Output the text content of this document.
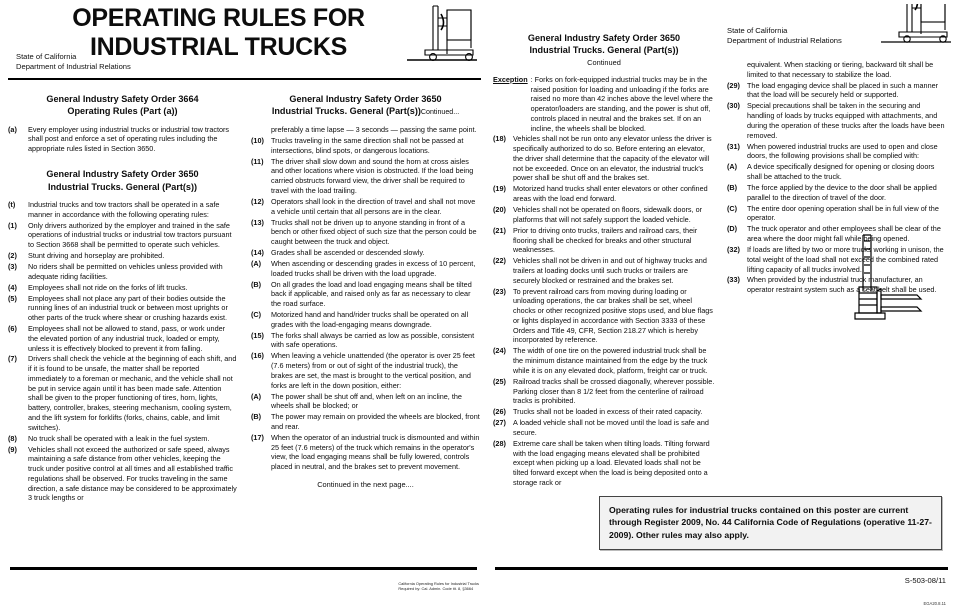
OPERATING RULES FOR
INDUSTRIAL TRUCKS
State of California
Department of Industrial Relations
General Industry Safety Order 3664
Operating Rules (Part (a))
(a)	Every employer using industrial trucks or industrial tow tractors shall post and enforce a set of operating rules including the appropriate rules listed in Section 3650.
General Industry Safety Order 3650
Industrial Trucks. General (Part(s))
(t)	Industrial trucks and tow tractors shall be operated in a safe manner in accordance with the following operating rules:
(1)	Only drivers authorized by the employer and trained in the safe operations of industrial trucks or industrial tow tractors pursuant to Section 3668 shall be permitted to operate such vehicles.
(2)	Stunt driving and horseplay are prohibited.
(3)	No riders shall be permitted on vehicles unless provided with adequate riding facilities.
(4)	Employees shall not ride on the forks of lift trucks.
(5)	Employees shall not place any part of their bodies outside the running lines of an industrial truck or between most uprights or other parts of the truck where shear or crushing hazards exist.
(6)	Employees shall not be allowed to stand, pass, or work under the elevated portion of any industrial truck, loaded or empty, unless it is effectively blocked to prevent it from falling.
(7)	Drivers shall check the vehicle at the beginning of each shift, and if it is found to be unsafe, the matter shall be reported immediately to a foreman or mechanic, and the vehicle shall not be put in service again until it has been made safe. Attention shall be given to the proper functioning of tires, horn, lights, battery, controller, brakes, steering mechanism, cooling system, and the lift system for forklifts (forks, chains, cable, and limit switches).
(8)	No truck shall be operated with a leak in the fuel system.
(9)	Vehicles shall not exceed the authorized or safe speed, always maintaining a safe distance from other vehicles, keeping the truck under positive control at all times and all established traffic regulations shall be observed. For trucks traveling in the same direction, a safe distance may be considered to be approximately 3 truck lengths or
General Industry Safety Order 3650
Industrial Trucks. General (Part(s))Continued...
preferably a time lapse — 3 seconds — passing the same point.
(10) Trucks traveling in the same direction shall not be passed at intersections, blind spots, or dangerous locations.
(11)	The driver shall slow down and sound the horn at cross aisles and other locations where vision is obstructed. If the load being carried obstructs forward view, the driver shall be required to travel with the load trailing.
(12) Operators shall look in the direction of travel and shall not move a vehicle until certain that all persons are in the clear.
(13) Trucks shall not be driven up to anyone standing in front of a bench or other fixed object of such size that the person could be caught between the truck and object.
(14) Grades shall be ascended or descended slowly.
(A)	When ascending or descending grades in excess of 10 percent, loaded trucks shall be driven with the load upgrade.
(B)	On all grades the load and load engaging means shall be tilted back if applicable, and raised only as far as necessary to clear the road surface.
(C)	Motorized hand and hand/rider trucks shall be operated on all grades with the load-engaging means downgrade.
(15) The forks shall always be carried as low as possible, consistent with safe operations.
(16) When leaving a vehicle unattended (the operator is over 25 feet (7.6 meters) from or out of sight of the industrial truck), the brakes are set, the mast is brought to the vertical position, and forks are left in the down position, either:
(A)	The power shall be shut off and, when left on an incline, the wheels shall be blocked; or
(B)	The power may remain on provided the wheels are blocked, front and rear.
(17) When the operator of an industrial truck is dismounted and within 25 feet (7.6 meters) of the truck which remains in the operator's view, the load engaging means shall be fully lowered, controls placed in neutral, and the brakes set to prevent movement.
Continued in the next page....
California Operating Rules for Industrial Trucks
Required by: Cal. Admin. Code tit. 8, §3664
General Industry Safety Order 3650
Industrial Trucks. General (Part(s))
Continued
Exception : Forks on fork-equipped industrial trucks may be in the raised position for loading and unloading if the forks are raised no more than 42 inches above the level where the operator/loaders are standing, and the power is shut off, controls placed in neutral and the brakes set. If on an incline, the wheels shall be blocked.
(18) Vehicles shall not be run onto any elevator unless the driver is specifically authorized to do so. Before entering an elevator, the driver shall determine that the capacity of the elevator will not be exceeded. Once on an elevator, the industrial truck's power shall be shut off and the brakes set.
(19) Motorized hand trucks shall enter elevators or other confined areas with the load end forward.
(20) Vehicles shall not be operated on floors, sidewalk doors, or platforms that will not safely support the loaded vehicle.
(21) Prior to driving onto trucks, trailers and railroad cars, their flooring shall be checked for breaks and other structural weaknesses.
(22) Vehicles shall not be driven in and out of highway trucks and trailers at loading docks until such trucks or trailers are securely blocked or restrained and the brakes set.
(23) To prevent railroad cars from moving during loading or unloading operations, the car brakes shall be set, wheel chocks or other recognized positive stops used, and blue flags or lights displayed in accordance with Section 3333 of these Orders and Title 49, CFR, Section 218.27 which is hereby incorporated by reference.
(24) The width of one tire on the powered industrial truck shall be the minimum distance maintained from the edge by the truck while it is on any elevated dock, platform, freight car or truck.
(25) Railroad tracks shall be crossed diagonally, wherever possible. Parking closer than 8 1/2 feet from the centerline of railroad tracks is prohibited.
(26) Trucks shall not be loaded in excess of their rated capacity.
(27) A loaded vehicle shall not be moved until the load is safe and secure.
(28) Extreme care shall be taken when tilting loads. Tilting forward with the load engaging means elevated shall be prohibited except when picking up a load. Elevated loads shall not be tilted forward except when the load is being deposited onto a storage rack or
State of California
Department of Industrial Relations
equivalent. When stacking or tiering, backward tilt shall be limited to that necessary to stabilize the load.
(29) The load engaging device shall be placed in such a manner that the load will be securely held or supported.
(30) Special precautions shall be taken in the securing and handling of loads by trucks equipped with attachments, and during the operation of these trucks after the loads have been removed.
(31) When powered industrial trucks are used to open and close doors, the following provisions shall be complied with:
(A)	A device specifically designed for opening or closing doors shall be attached to the truck.
(B)	The force applied by the device to the door shall be applied parallel to the direction of travel of the door.
(C)	The entire door opening operation shall be in full view of the operator.
(D)	The truck operator and other employees shall be clear of the area where the door might fall while being opened.
(32) If loads are lifted by two or more trucks working in unison, the total weight of the load shall not exceed the combined rated lifting capacity of all trucks involved.
(33) When provided by the industrial truck manufacturer, an operator restraint system such as a seat belt shall be used.
Operating rules for industrial trucks contained on this poster are current through Register 2009, No. 44 California Code of Regulations (operative 11-27-2009). Other rules may also apply.
S-503-08/11
EGA20.8.11
